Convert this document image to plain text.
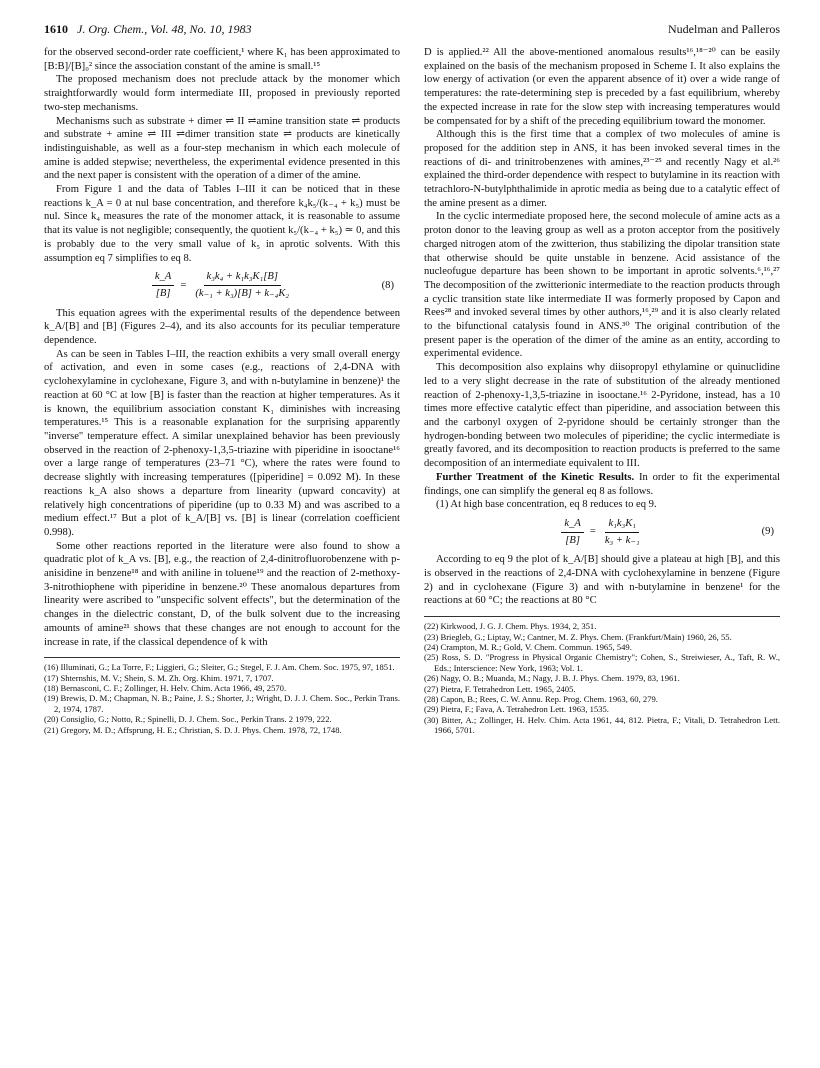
1610 J. Org. Chem., Vol. 48, No. 10, 1983	Nudelman and Palleros

for the observed second-order rate coefficient,¹ where K₁ has been approximated to [B:B]/[B]₀² since the association constant of the amine is small.¹⁵

The proposed mechanism does not preclude attack by the monomer which straightforwardly would form intermediate III, proposed in previously reported two-step mechanisms.

Mechanisms such as substrate + dimer ⇌ II ⇌amine transition state ⇌ products and substrate + amine ⇌ III ⇌dimer transition state ⇌ products are kinetically indistinguishable, as well as a four-step mechanism in which each molecule of amine is added stepwise; nevertheless, the experimental evidence presented in this and the next paper is consistent with the operation of a dimer of the amine.

From Figure 1 and the data of Tables I–III it can be noticed that in these reactions k_A = 0 at nul base concentration, and therefore k₄k₅/(k₋₄ + k₅) must be nul. Since k₄ measures the rate of the monomer attack, it is reasonable to assume that its value is not negligible; consequently, the quotient k₅/(k₋₄ + k₅) ≃ 0, and this is probably due to the very small value of k₅ in aprotic solvents. With this assumption eq 7 simplifies to eq 8.

$\frac{k\_A}{[B]} = \frac{\text{k₃k₄ + k₁k₃K₁[B]}}{\text{(k₋₁ + k₃)[B] + k₋₄K₂}}$	(8)

This equation agrees with the experimental results of the dependence between k_A/[B] and [B] (Figures 2–4), and its also accounts for its peculiar temperature dependence.

As can be seen in Tables I–III, the reaction exhibits a very small overall energy of activation, and even in some cases (e.g., reactions of 2,4-DNA with cyclohexylamine in cyclohexane, Figure 3, and with n-butylamine in benzene)¹ the reaction at 60 °C at low [B] is faster than the reaction at higher temperatures. As it is known, the equilibrium association constant K₁ diminishes with increasing temperatures.¹⁵ This is a reasonable explanation for the surprising apparently "inverse" temperature effect. A similar unexplained behavior has been previously observed in the reaction of 2-phenoxy-1,3,5-triazine with piperidine in isooctane¹⁶ over a large range of temperatures (23–71 °C), where the rates were found to decrease slightly with increasing temperatures ([piperidine] = 0.092 M). In these reactions k_A also shows a departure from linearity (upward concavity) at relatively high concentrations of piperidine (up to 0.33 M) and was ascribed to a medium effect.¹⁷ But a plot of k_A/[B] vs. [B] is linear (correlation coefficient 0.998).

Some other reactions reported in the literature were also found to show a quadratic plot of k_A vs. [B], e.g., the reaction of 2,4-dinitrofluorobenzene with p-anisidine in benzene¹⁸ and with aniline in toluene¹⁹ and the reaction of 2-methoxy-3-nitrothiophene with piperidine in benzene.²⁰ These anomalous departures from linearity were ascribed to "unspecific solvent effects", but the determination of the changes in the dielectric constant, D, of the bulk solvent due to the increasing amounts of amine²¹ shows that these changes are not enough to account for the increase in rate, if the classical dependence of k with

(16) Illuminati, G.; La Torre, F.; Liggieri, G.; Sleiter, G.; Stegel, F. J. Am. Chem. Soc. 1975, 97, 1851.

(17) Shternshis, M. V.; Shein, S. M. Zh. Org. Khim. 1971, 7, 1707.

(18) Bernasconi, C. F.; Zollinger, H. Helv. Chim. Acta 1966, 49, 2570.

(19) Brewis, D. M.; Chapman, N. B.; Paine, J. S.; Shorter, J.; Wright, D. J. J. Chem. Soc., Perkin Trans. 2, 1974, 1787.

(20) Consiglio, G.; Notto, R.; Spinelli, D. J. Chem. Soc., Perkin Trans. 2 1979, 222.

(21) Gregory, M. D.; Affsprung, H. E.; Christian, S. D. J. Phys. Chem. 1978, 72, 1748.

D is applied.²² All the above-mentioned anomalous results¹⁶,¹⁸⁻²⁰ can be easily explained on the basis of the mechanism proposed in Scheme I. It also explains the low energy of activation (or even the apparent absence of it) over a wide range of temperatures: the rate-determining step is preceded by a fast equilibrium, whereby the expected increase in rate for the slow step with increasing temperatures would be compensated for by a shift of the preceding equilibrium toward the monomer.

Although this is the first time that a complex of two molecules of amine is proposed for the addition step in ANS, it has been invoked several times in the reactions of di- and trinitrobenzenes with amines,²³⁻²⁵ and recently Nagy et al.²⁶ explained the third-order dependence with respect to butylamine in its reaction with tetrachloro-N-butylphthalimide in aprotic media as being due to a catalytic effect of the amine present as a dimer.

In the cyclic intermediate proposed here, the second molecule of amine acts as a proton donor to the leaving group as well as a proton acceptor from the positively charged nitrogen atom of the zwitterion, thus stabilizing the dipolar transition state that otherwise should be quite unstable in benzene. Acid assistance of the nucleofugue departure has been shown to be important in aprotic solvents.⁶,¹⁶,²⁷ The decomposition of the zwitterionic intermediate to the reaction products through a cyclic transition state like intermediate II was formerly proposed by Capon and Rees²⁸ and invoked several times by other authors,¹⁶,²⁹ and it is also clearly related to the bifunctional catalysis found in ANS.³⁰ The original contribution of the present paper is the operation of the dimer of the amine as an entity, according to experimental evidence.

This decomposition also explains why diisopropyl ethylamine or quinuclidine led to a very slight decrease in the rate of substitution of the already mentioned reaction of 2-phenoxy-1,3,5-triazine in isooctane.¹⁶ 2-Pyridone, instead, has a 10 times more effective catalytic effect than piperidine, and association between this and the carbonyl oxygen of 2-pyridone should be certainly stronger than the hydrogen-bonding between two molecules of piperidine; the cyclic intermediate is greatly favored, and its decomposition to reaction products is preferred to the same decomposition of an intermediate equivalent to III.

Further Treatment of the Kinetic Results. In order to fit the experimental findings, one can simplify the general eq 8 as follows.

(1) At high base concentration, eq 8 reduces to eq 9.

$\frac{k\_A}{[B]} = \frac{\text{k₁k₃K₁}}{\text{k₃ + k₋₁}}$	(9)

According to eq 9 the plot of k_A/[B] should give a plateau at high [B], and this is observed in the reactions of 2,4-DNA with cyclohexylamine in benzene (Figure 2) and in cyclohexane (Figure 3) and with n-butylamine in benzene¹ for the reactions at 60 °C; the reactions at 80 °C

(22) Kirkwood, J. G. J. Chem. Phys. 1934, 2, 351.

(23) Briegleb, G.; Liptay, W.; Cantner, M. Z. Phys. Chem. (Frankfurt/Main) 1960, 26, 55.

(24) Crampton, M. R.; Gold, V. Chem. Commun. 1965, 549.

(25) Ross, S. D. "Progress in Physical Organic Chemistry"; Cohen, S., Streiwieser, A., Taft, R. W., Eds.; Interscience: New York, 1963; Vol. 1.

(26) Nagy, O. B.; Muanda, M.; Nagy, J. B. J. Phys. Chem. 1979, 83, 1961.

(27) Pietra, F. Tetrahedron Lett. 1965, 2405.

(28) Capon, B.; Rees, C. W. Annu. Rep. Prog. Chem. 1963, 60, 279.

(29) Pietra, F.; Fava, A. Tetrahedron Lett. 1963, 1535.

(30) Bitter, A.; Zollinger, H. Helv. Chim. Acta 1961, 44, 812. Pietra, F.; Vitali, D. Tetrahedron Lett. 1966, 5701.
